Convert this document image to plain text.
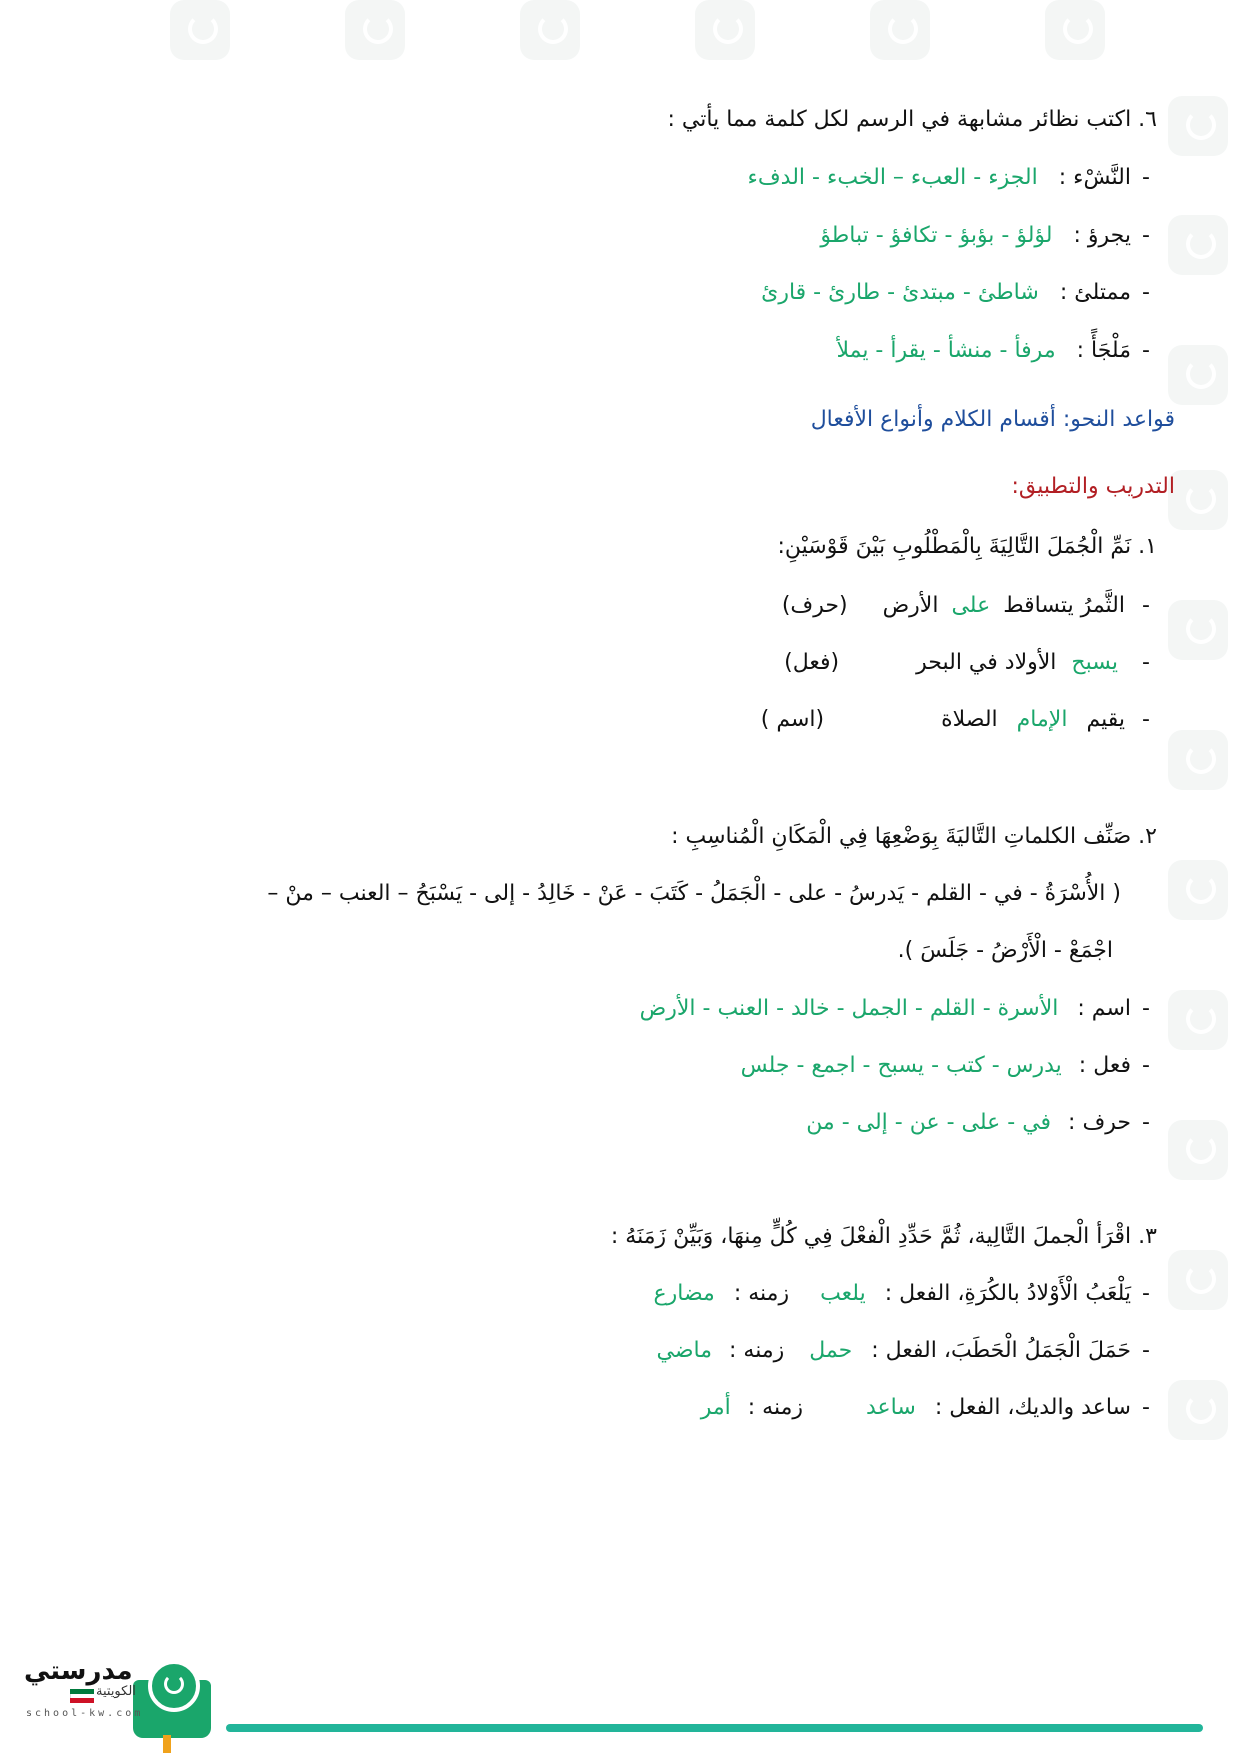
٦. اكتب نظائر مشابهة في الرسم لكل كلمة مما يأتي :
-النَّشْء : الجزء - العبء – الخبء - الدفء
-يجرؤ : لؤلؤ - بؤبؤ - تكافؤ - تباطؤ
-ممتلئ : شاطئ - مبتدئ - طارئ - قارئ
-مَلْجَأً : مرفأ - منشأ - يقرأ - يملأ
قواعد النحو: أقسام الكلام وأنواع الأفعال
التدريب والتطبيق:
١. نَمِّ الْجُمَلَ التَّالِيَةَ بِالْمَطْلُوبِ بَيْنَ قَوْسَيْنِ:
-الثَّمرُ يتساقط على الأرض (حرف)
- يسبح الأولاد في البحر (فعل)
-يقيم الإمام الصلاة (اسم )
٢. صَنِّف الكلماتِ التَّاليَةَ بِوَضْعِهَا فِي الْمَكَانِ الْمُناسِبِ :
( الأُسْرَةُ - في - القلم - يَدرسُ - على - الْجَمَلُ - كَتَبَ - عَنْ - خَالِدُ - إلى - يَسْبَحُ – العنب – منْ –
اجْمَعْ - الْأَرْضُ - جَلَسَ ).
-اسم : الأسرة - القلم - الجمل - خالد - العنب - الأرض
-فعل : يدرس - كتب - يسبح - اجمع - جلس
-حرف : في - على - عن - إلى - من
٣. اقْرَأ الْجملَ التَّالِية، ثُمَّ حَدِّدِ الْفعْلَ فِي كُلٍّ مِنهَا، وَبَيِّنْ زَمَنَهُ :
-يَلْعَبُ الْأَوْلادُ بالكُرَةِ، الفعل : يلعب زمنه : مضارع
-حَمَلَ الْجَمَلُ الْحَطَبَ، الفعل : حمل زمنه : ماضي
-ساعد والديك، الفعل : ساعد زمنه : أمر
مدرستي
الكويتية
school-kw.com
